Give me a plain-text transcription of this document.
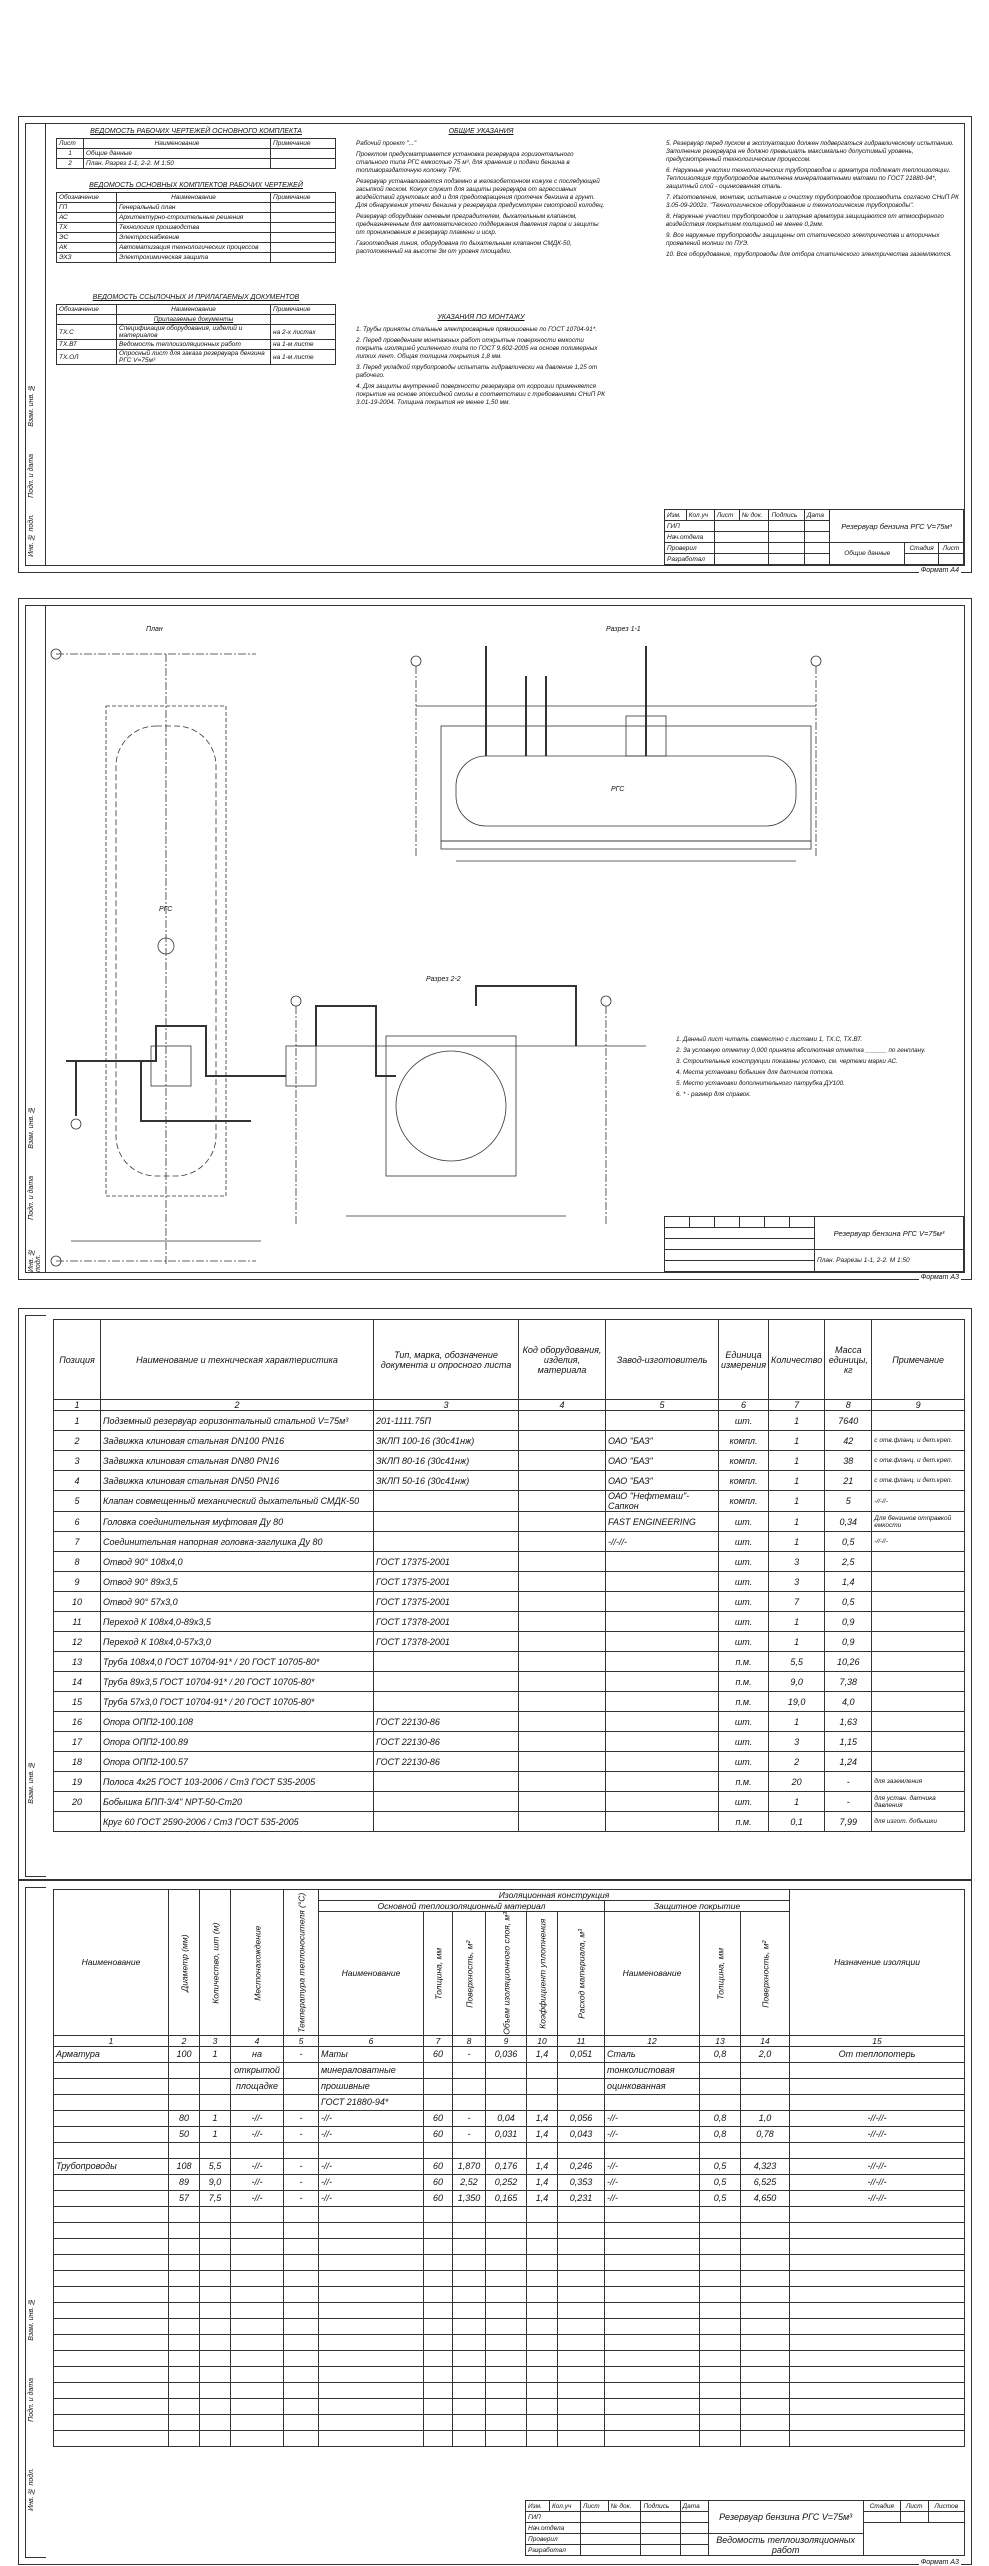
Взам. инв. №
Подп. и дата
Инв. № подл.
ВЕДОМОСТЬ РАБОЧИХ ЧЕРТЕЖЕЙ ОСНОВНОГО КОМПЛЕКТА
Лист	Наименование	Примечание
1	Общие данные	
2	План. Разрез 1-1, 2-2. М 1:50	
ВЕДОМОСТЬ ОСНОВНЫХ КОМПЛЕКТОВ РАБОЧИХ ЧЕРТЕЖЕЙ
Обозначение	Наименование	Примечание
ГП	Генеральный план	
АС	Архитектурно-строительные решения	
ТХ	Технология производства	
ЭС	Электроснабжение	
АК	Автоматизация технологических процессов	
ЭХЗ	Электрохимическая защита	
ВЕДОМОСТЬ ССЫЛОЧНЫХ И ПРИЛАГАЕМЫХ ДОКУМЕНТОВ
Обозначение	Наименование	Примечание
	Прилагаемые документы	
ТХ.С	Спецификация оборудования, изделий и материалов	на 2-х листах
ТХ.ВТ	Ведомость теплоизоляционных работ	на 1-м листе
ТХ.ОЛ	Опросный лист для заказа резервуара бензина РГС V=75м³	на 1-м листе
ОБЩИЕ УКАЗАНИЯ

Рабочий проект "..."

Проектом предусматривается установка резервуара горизонтального стального типа РГС емкостью 75 м³, для хранения и подачи бензина в топливораздаточную колонку ТРК.

Резервуар устанавливается подземно в железобетонном кожухе с последующей засыпкой песком. Кожух служит для защиты резервуара от агрессивных воздействий грунтовых вод и для предотвращения протечек бензина в грунт. Для обнаружения утечки бензина у резервуара предусмотрен смотровой колодец.

Резервуар оборудован огневым преградителем, дыхательным клапаном, предназначенным для автоматического поддержания давления паров и защиты от проникновения в резервуар пламени и искр.

Газоотводная линия, оборудована по дыхательным клапаном СМДК-50, расположенный на высоте 3м от уровня площадки.

УКАЗАНИЯ ПО МОНТАЖУ

1. Трубы приняты стальные электросварные прямошовные по ГОСТ 10704-91*.

2. Перед проведением монтажных работ открытые поверхности емкости покрыть изоляцией усиленного типа по ГОСТ 9.602-2005 на основе полимерных липких лент. Общая толщина покрытия 1,8 мм.

3. Перед укладкой трубопроводы испытать гидравлически на давление 1,25 от рабочего.

4. Для защиты внутренней поверхности резервуара от коррозии применяется покрытие на основе эпоксидной смолы в соответствии с требованиями СНиП РК 3.01-19-2004. Толщина покрытия не менее 1,50 мм.

5. Резервуар перед пуском в эксплуатацию должен подвергаться гидравлическому испытанию. Заполнение резервуара не должно превышать максимально допустимый уровень, предусмотренный технологическим процессом.

6. Наружные участки технологических трубопроводов и арматура подлежат теплоизоляции. Теплоизоляция трубопроводов выполнена минераловатными матами по ГОСТ 21880-94*, защитный слой - оцинкованная сталь.

7. Изготовление, монтаж, испытание и очистку трубопроводов производить согласно СНиП РК 3.05-09-2002г. "Технологическое оборудование и технологические трубопроводы".

8. Наружные участки трубопроводов и запорная арматура защищаются от атмосферного воздействия покрытием толщиной не менее 0,2мм.

9. Все наружные трубопроводы защищены от статического электричества и вторичных проявлений молнии по ПУЭ.

10. Все оборудование, трубопроводы для отбора статического электричества заземляются.

Изм.	Кол.уч	Лист	№ док.	Подпись	Дата	Резервуар бензина РГС V=75м³		
ГИП								
Нач.отдела								
Проверил						Общие данные	Стадия	Лист
Разработал								
Формат А4
Взам. инв. №
Подп. и дата
Инв. № подл.
План
РГС
Разрез 1-1
РГС
Разрез 2-2

1. Данный лист читать совместно с листами 1, ТХ.С, ТХ.ВТ.

2. За условную отметку 0,000 принята абсолютная отметка ______ по генплану.

3. Строительные конструкции показаны условно, см. чертежи марки АС.

4. Места установки бобышек для датчиков потока.

5. Место установки дополнительного патрубка ДУ100.

6. * - размер для справок.

						Резервуар бензина РГС V=75м³

						План. Разрезы 1-1, 2-2. М 1:50

Формат А3
Взам. инв. №
Позиция	Наименование и техническая характеристика	Тип, марка, обозначение документа и опросного листа	Код оборудования, изделия, материала	Завод-изготовитель	Единица измерения	Количество	Масса единицы, кг	Примечание
1	2	3	4	5	6	7	8	9
1	Подземный резервуар горизонтальный стальной V=75м³	201-1111.75П			шт.	1	7640	
2	Задвижка клиновая стальная DN100 PN16	ЗКЛП 100-16 (30с41нж)		ОАО "БАЗ"	компл.	1	42	с отв.фланц. и дет.креп.
3	Задвижка клиновая стальная DN80 PN16	ЗКЛП 80-16 (30с41нж)		ОАО "БАЗ"	компл.	1	38	с отв.фланц. и дет.креп.
4	Задвижка клиновая стальная DN50 PN16	ЗКЛП 50-16 (30с41нж)		ОАО "БАЗ"	компл.	1	21	с отв.фланц. и дет.креп.
5	Клапан совмещенный механический дыхательный СМДК-50			ОАО "Нефтемаш"-Сапкон	компл.	1	5	-//-//-
6	Головка соединительная муфтовая Ду 80			FAST ENGINEERING	шт.	1	0,34	Для бензинов отправкой емкости
7	Соединительная напорная головка-заглушка Ду 80			-//-//-	шт.	1	0,5	-//-//-
8	Отвод 90° 108х4,0	ГОСТ 17375-2001			шт.	3	2,5	
9	Отвод 90° 89х3,5	ГОСТ 17375-2001			шт.	3	1,4	
10	Отвод 90° 57х3,0	ГОСТ 17375-2001			шт.	7	0,5	
11	Переход К 108х4,0-89х3,5	ГОСТ 17378-2001			шт.	1	0,9	
12	Переход К 108х4,0-57х3,0	ГОСТ 17378-2001			шт.	1	0,9	
13	Труба 108х4,0 ГОСТ 10704-91* / 20 ГОСТ 10705-80*				п.м.	5,5	10,26	
14	Труба 89х3,5 ГОСТ 10704-91* / 20 ГОСТ 10705-80*				п.м.	9,0	7,38	
15	Труба 57х3,0 ГОСТ 10704-91* / 20 ГОСТ 10705-80*				п.м.	19,0	4,0	
16	Опора ОПП2-100.108	ГОСТ 22130-86			шт.	1	1,63	
17	Опора ОПП2-100.89	ГОСТ 22130-86			шт.	3	1,15	
18	Опора ОПП2-100.57	ГОСТ 22130-86			шт.	2	1,24	
19	Полоса 4х25 ГОСТ 103-2006 / Ст3 ГОСТ 535-2005				п.м.	20	-	для заземления
20	Бобышка БПП-3/4" NPT-50-Ст20				шт.	1	-	для устан. датчика давления
	Круг 60 ГОСТ 2590-2006 / Ст3 ГОСТ 535-2005				п.м.	0,1	7,99	для изгот. бобышки
Взам. инв. №
Подп. и дата
Инв. № подл.
Наименование	Диаметр (мм)	Количество, шт (м)	Местонахождение	Температура теплоносителя (°С)	Изоляционная конструкция									Назначение изоляции
					Основной теплоизоляционный материал						Защитное покрытие			
					Наименование	Толщина, мм	Поверхность, м²	Объем изоляционного слоя, м³	Коэффициент уплотнения	Расход материала, м³	Наименование	Толщина, мм	Поверхность, м²	
1	2	3	4	5	6	7	8	9	10	11	12	13	14	15
Арматура	100	1	на	-	Маты	60	-	0,036	1,4	0,051	Сталь	0,8	2,0	От теплопотерь
			открытой		минераловатные						тонколистовая			
			площадке		прошивные						оцинкованная			
					ГОСТ 21880-94*									
	80	1	-//-	-	-//-	60	-	0,04	1,4	0,056	-//-	0,8	1,0	-//-//-
	50	1	-//-	-	-//-	60	-	0,031	1,4	0,043	-//-	0,8	0,78	-//-//-

Трубопроводы	108	5,5	-//-	-	-//-	60	1,870	0,176	1,4	0,246	-//-	0,5	4,323	-//-//-
	89	9,0	-//-	-	-//-	60	2,52	0,252	1,4	0,353	-//-	0,5	6,525	-//-//-
	57	7,5	-//-	-	-//-	60	1,350	0,165	1,4	0,231	-//-	0,5	4,650	-//-//-

Изм.	Кол.уч	Лист	№ док.	Подпись	Дата	Резервуар бензина РГС V=75м³	Стадия	Лист	Листов
ГИП									
Нач.отдела									
Проверил						Ведомость теплоизоляционных работ			
Разработал									
Формат А3
